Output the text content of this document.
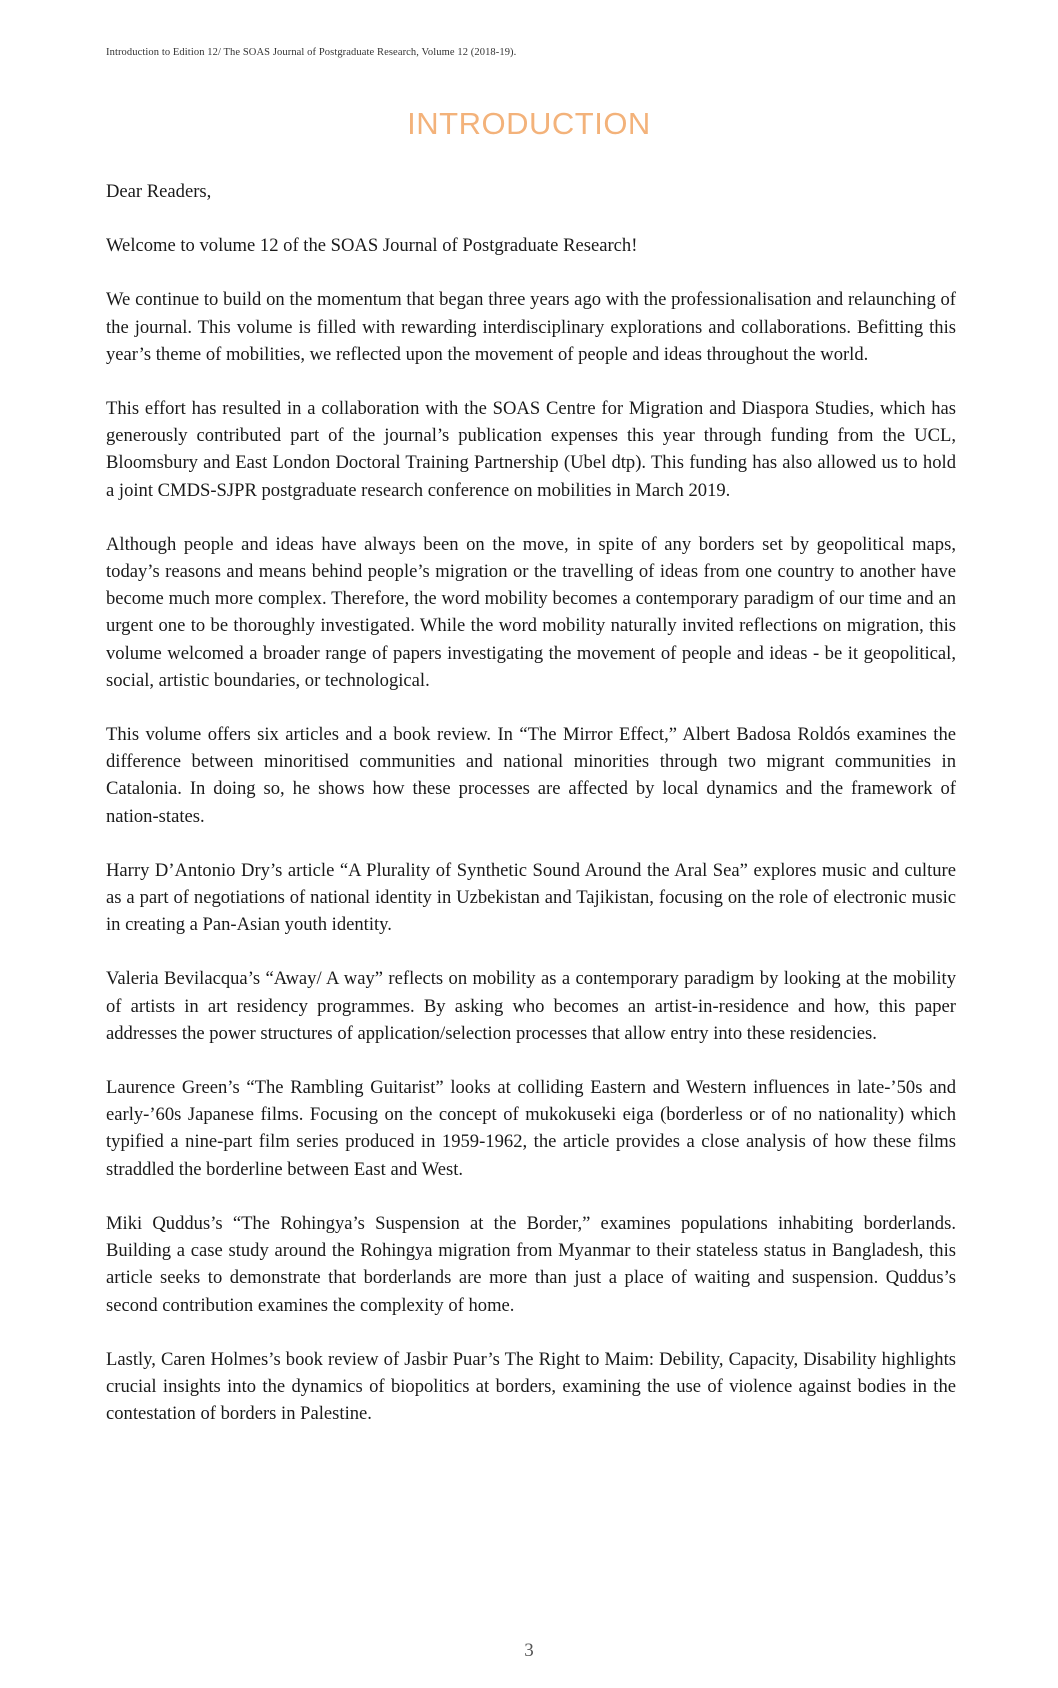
Introduction to Edition 12/ The SOAS Journal of Postgraduate Research, Volume 12 (2018-19).
INTRODUCTION

Dear Readers,

Welcome to volume 12 of the SOAS Journal of Postgraduate Research!

We continue to build on the momentum that began three years ago with the professionalisation and relaunching of the journal. This volume is filled with rewarding interdisciplinary explorations and collaborations. Befitting this year’s theme of mobilities, we reflected upon the movement of people and ideas throughout the world.

This effort has resulted in a collaboration with the SOAS Centre for Migration and Diaspora Studies, which has generously contributed part of the journal’s publication expenses this year through funding from the UCL, Bloomsbury and East London Doctoral Training Partnership (Ubel dtp). This funding has also allowed us to hold a joint CMDS-SJPR postgraduate research conference on mobilities in March 2019.

Although people and ideas have always been on the move, in spite of any borders set by geopolitical maps, today’s reasons and means behind people’s migration or the travelling of ideas from one country to another have become much more complex. Therefore, the word mobility becomes a contemporary paradigm of our time and an urgent one to be thoroughly investigated. While the word mobility naturally invited reflections on migration, this volume welcomed a broader range of papers investigating the movement of people and ideas - be it geopolitical, social, artistic boundaries, or technological.

This volume offers six articles and a book review. In “The Mirror Effect,” Albert Badosa Roldós examines the difference between minoritised communities and national minorities through two migrant communities in Catalonia. In doing so, he shows how these processes are affected by local dynamics and the framework of nation-states.

Harry D’Antonio Dry’s article “A Plurality of Synthetic Sound Around the Aral Sea” explores music and culture as a part of negotiations of national identity in Uzbekistan and Tajikistan, focusing on the role of electronic music in creating a Pan-Asian youth identity.

Valeria Bevilacqua’s “Away/ A way” reflects on mobility as a contemporary paradigm by looking at the mobility of artists in art residency programmes. By asking who becomes an artist-in-residence and how, this paper addresses the power structures of application/selection processes that allow entry into these residencies.

Laurence Green’s “The Rambling Guitarist” looks at colliding Eastern and Western influences in late-’50s and early-’60s Japanese films. Focusing on the concept of mukokuseki eiga (borderless or of no nationality) which typified a nine-part film series produced in 1959-1962, the article provides a close analysis of how these films straddled the borderline between East and West.

Miki Quddus’s “The Rohingya’s Suspension at the Border,” examines populations inhabiting borderlands. Building a case study around the Rohingya migration from Myanmar to their stateless status in Bangladesh, this article seeks to demonstrate that borderlands are more than just a place of waiting and suspension. Quddus’s second contribution examines the complexity of home.

Lastly, Caren Holmes’s book review of Jasbir Puar’s The Right to Maim: Debility, Capacity, Disability highlights crucial insights into the dynamics of biopolitics at borders, examining the use of violence against bodies in the contestation of borders in Palestine.

3
